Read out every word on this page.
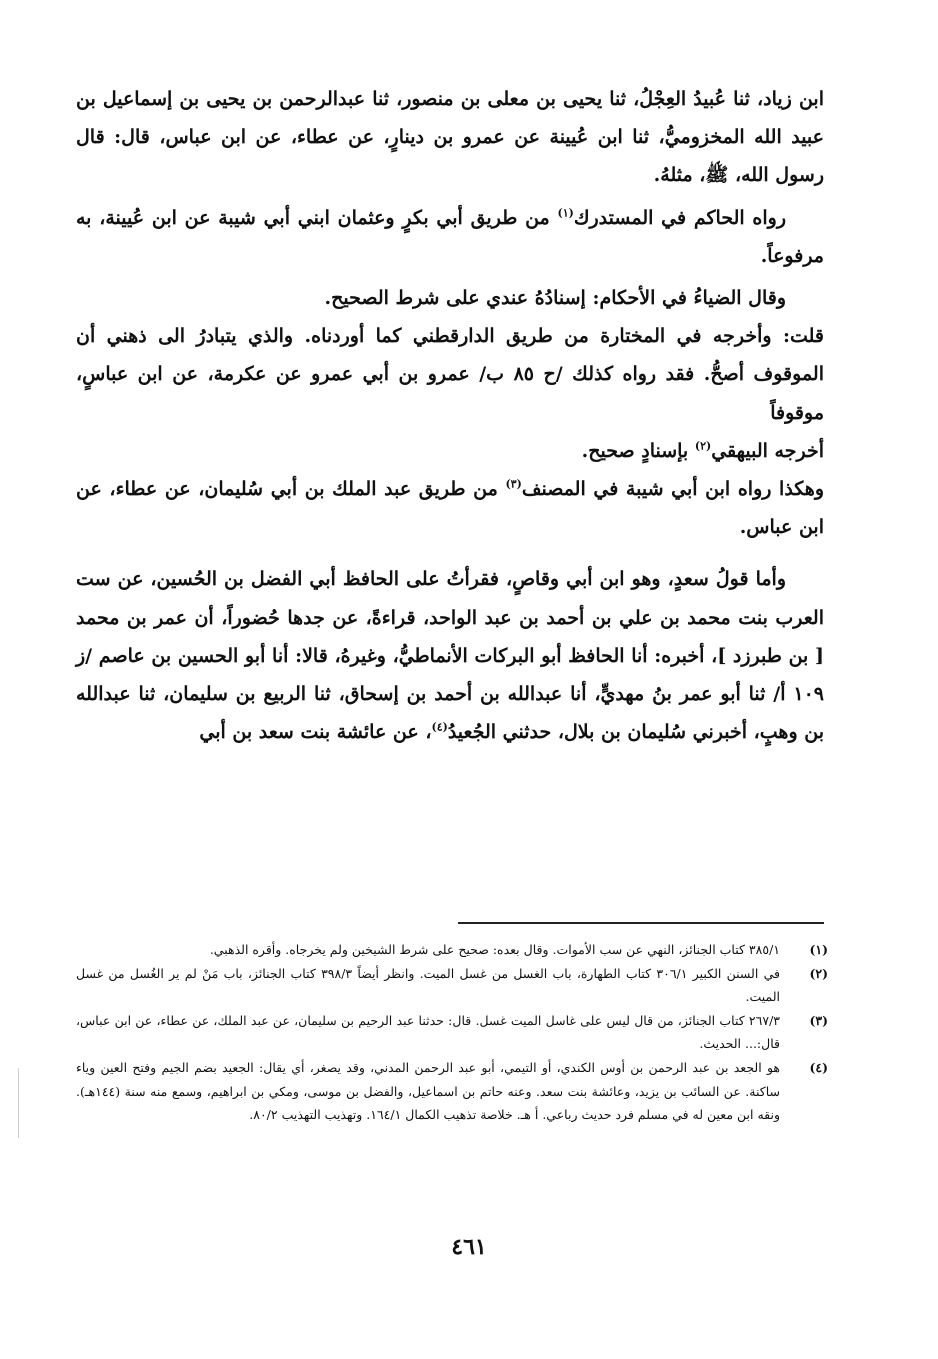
ابن زياد، ثنا عُبيدُ العِجْلُ، ثنا يحيى بن معلى بن منصور، ثنا عبدالرحمن بن يحيى بن إسماعيل بن عبيد الله المخزوميُّ، ثنا ابن عُيينة عن عمرو بن دينارٍ، عن عطاء، عن ابن عباس، قال: قال رسول الله، ﷺ، مثلهُ.

رواه الحاكم في المستدرك$^{(١)}$ من طريق أبي بكرٍ وعثمان ابني أبي شيبة عن ابن عُيينة، به مرفوعاً.

وقال الضياءُ في الأحكام: إسنادُهُ عندي على شرط الصحيح.

قلت: وأخرجه في المختارة من طريق الدارقطني كما أوردناه. والذي يتبادرُ الى ذهني أن الموقوف أصحُّ. فقد رواه كذلك /ح ٨٥ ب/ عمرو بن أبي عمرو عن عكرمة، عن ابن عباسٍ، موقوفاً

أخرجه البيهقي$^{(٢)}$ بإسنادٍ صحيح.

وهكذا رواه ابن أبي شيبة في المصنف$^{(٣)}$ من طريق عبد الملك بن أبي سُليمان، عن عطاء، عن ابن عباس.

وأما قولُ سعدٍ، وهو ابن أبي وقاصٍ، فقرأتُ على الحافظ أبي الفضل بن الحُسين، عن ست العرب بنت محمد بن علي بن أحمد بن عبد الواحد، قراءةً، عن جدها حُضوراً، أن عمر بن محمد [ بن طبرزد ]، أخبره: أنا الحافظ أبو البركات الأنماطيُّ، وغيرهُ، قالا: أنا أبو الحسين بن عاصم /ز ١٠٩ أ/ ثنا أبو عمر بنُ مهديٍّ، أنا عبدالله بن أحمد بن إسحاق، ثنا الربيع بن سليمان، ثنا عبدالله بن وهبٍ، أخبرني سُليمان بن بلال، حدثني الجُعيدُ$^{(٤)}$، عن عائشة بنت سعد بن أبي

(١)
٣٨٥/١ كتاب الجنائز، النهي عن سب الأموات. وقال بعده: صحيح على شرط الشيخين ولم يخرجاه. وأقره الذهبي.
(٢)
في السنن الكبير ٣٠٦/١ كتاب الطهارة، باب الغسل من غسل الميت. وانظر أيضاً ٣٩٨/٣ كتاب الجنائز، باب مَنْ لم ير الغُسل من غسل الميت.
(٣)
٢٦٧/٣ كتاب الجنائز، من قال ليس على غاسل الميت غسل. قال: حدثنا عبد الرحيم بن سليمان، عن عبد الملك، عن عطاء، عن ابن عباس، قال:... الحديث.
(٤)
هو الجعد بن عبد الرحمن بن أوس الكندي، أو التيمي، أبو عبد الرحمن المدني، وقد يصغر، أي يقال: الجعيد بضم الجيم وفتح العين وياء ساكنة. عن السائب بن يزيد، وعائشة بنت سعد. وعنه حاتم بن اسماعيل، والفضل بن موسى، ومكي بن ابراهيم، وسمع منه سنة (١٤٤هـ). ونقه ابن معين له في مسلم فرد حديث رباعي. أ هـ. خلاصة تذهيب الكمال ١٦٤/١. وتهذيب التهذيب ٨٠/٢.
٤٦١
